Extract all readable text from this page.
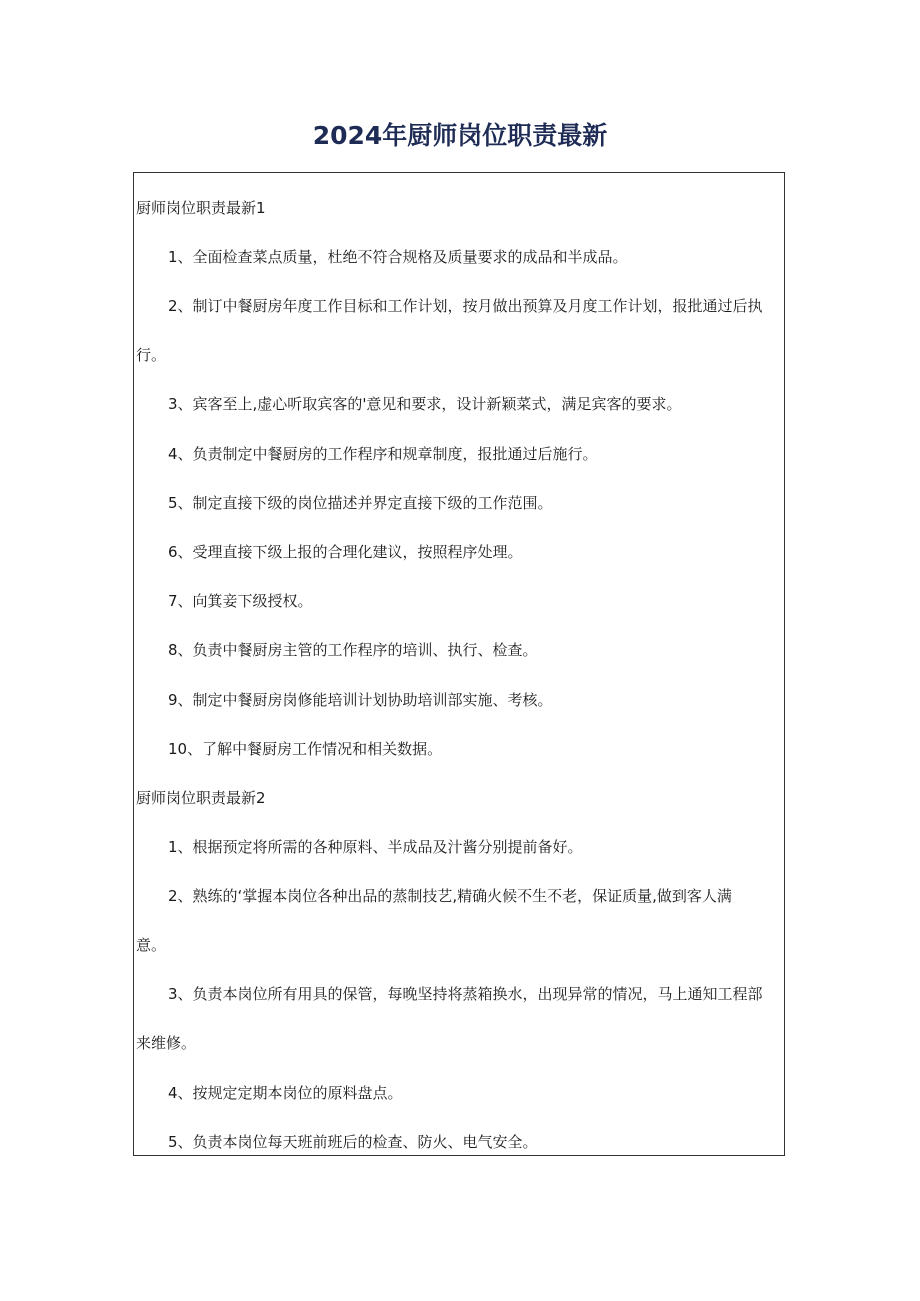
2024年厨师岗位职责最新
厨师岗位职责最新1
1、全面检查菜点质量，杜绝不符合规格及质量要求的成品和半成品。
2、制订中餐厨房年度工作目标和工作计划，按月做出预算及月度工作计划，报批通过后执
行。
3、宾客至上,虚心听取宾客的'意见和要求，设计新颖菜式，满足宾客的要求。
4、负责制定中餐厨房的工作程序和规章制度，报批通过后施行。
5、制定直接下级的岗位描述并界定直接下级的工作范围。
6、受理直接下级上报的合理化建议，按照程序处理。
7、向箕妾下级授权。
8、负责中餐厨房主管的工作程序的培训、执行、检查。
9、制定中餐厨房岗修能培训计划协助培训部实施、考核。
10、了解中餐厨房工作情况和相关数据。
厨师岗位职责最新2
1、根据预定将所需的各种原料、半成品及汁酱分别提前备好。
2、熟练的‘掌握本岗位各种出品的蒸制技艺,精确火候不生不老，保证质量,做到客人满
意。
3、负责本岗位所有用具的保管，每晚坚持将蒸箱换水，出现异常的情况，马上通知工程部
来维修。
4、按规定定期本岗位的原料盘点。
5、负责本岗位每天班前班后的检查、防火、电气安全。
